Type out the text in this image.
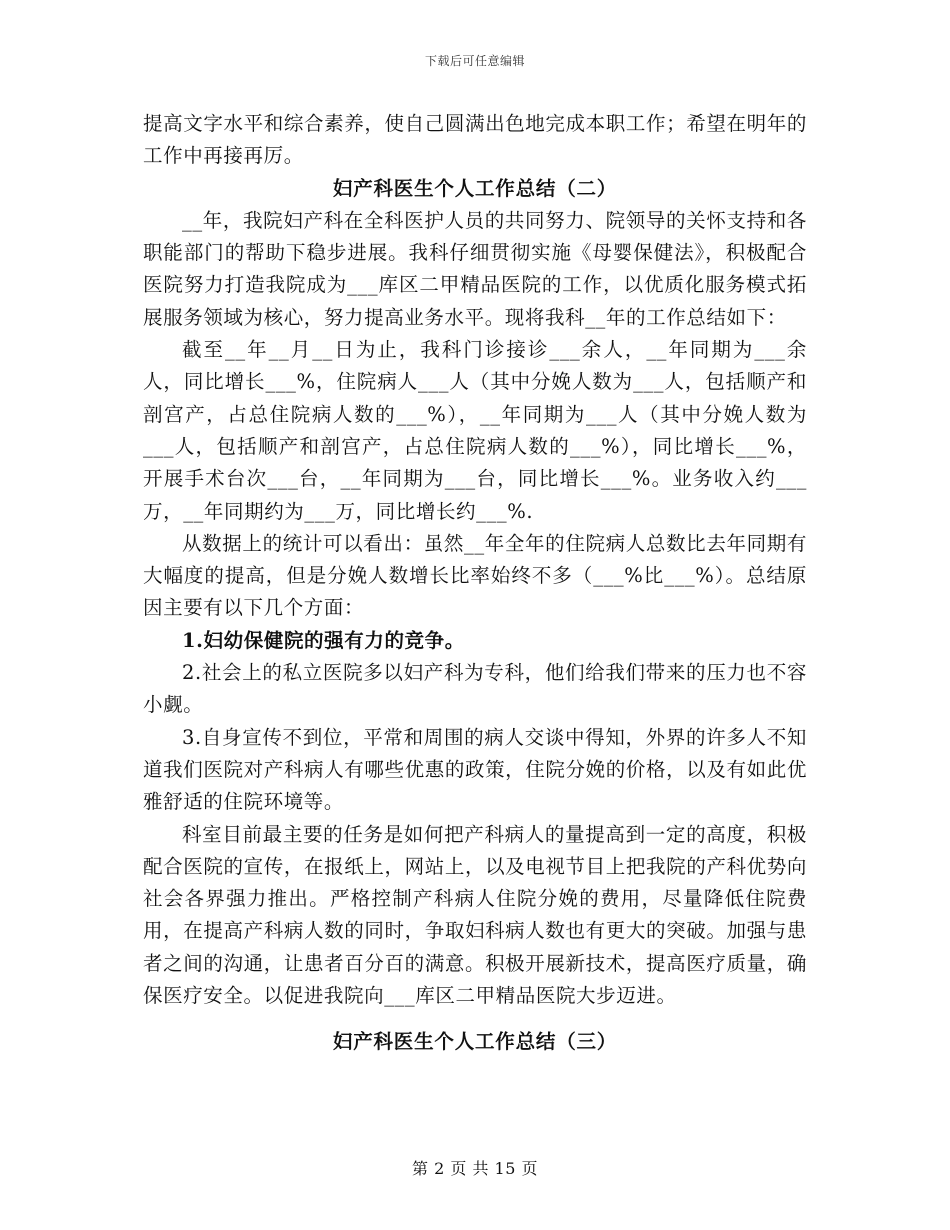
下载后可任意编辑

提高文字水平和综合素养，使自己圆满出色地完成本职工作；希望在明年的工作中再接再厉。

妇产科医生个人工作总结（二）

__年，我院妇产科在全科医护人员的共同努力、院领导的关怀支持和各职能部门的帮助下稳步进展。我科仔细贯彻实施《母婴保健法》，积极配合医院努力打造我院成为___库区二甲精品医院的工作，以优质化服务模式拓展服务领域为核心，努力提高业务水平。现将我科__年的工作总结如下：

截至__年__月__日为止，我科门诊接诊___余人，__年同期为___余人，同比增长___%，住院病人___人（其中分娩人数为___人，包括顺产和剖宫产，占总住院病人数的___%），__年同期为___人（其中分娩人数为___人，包括顺产和剖宫产，占总住院病人数的___%），同比增长___%，开展手术台次___台，__年同期为___台，同比增长___%。业务收入约___万，__年同期约为___万，同比增长约___%.

从数据上的统计可以看出：虽然__年全年的住院病人总数比去年同期有大幅度的提高，但是分娩人数增长比率始终不多（___%比___%）。总结原因主要有以下几个方面：

1.妇幼保健院的强有力的竞争。

2.社会上的私立医院多以妇产科为专科，他们给我们带来的压力也不容小觑。

3.自身宣传不到位，平常和周围的病人交谈中得知，外界的许多人不知道我们医院对产科病人有哪些优惠的政策，住院分娩的价格，以及有如此优雅舒适的住院环境等。

科室目前最主要的任务是如何把产科病人的量提高到一定的高度，积极配合医院的宣传，在报纸上，网站上，以及电视节目上把我院的产科优势向社会各界强力推出。严格控制产科病人住院分娩的费用，尽量降低住院费用，在提高产科病人数的同时，争取妇科病人数也有更大的突破。加强与患者之间的沟通，让患者百分百的满意。积极开展新技术，提高医疗质量，确保医疗安全。以促进我院向___库区二甲精品医院大步迈进。

妇产科医生个人工作总结（三）

第 2 页 共 15 页
